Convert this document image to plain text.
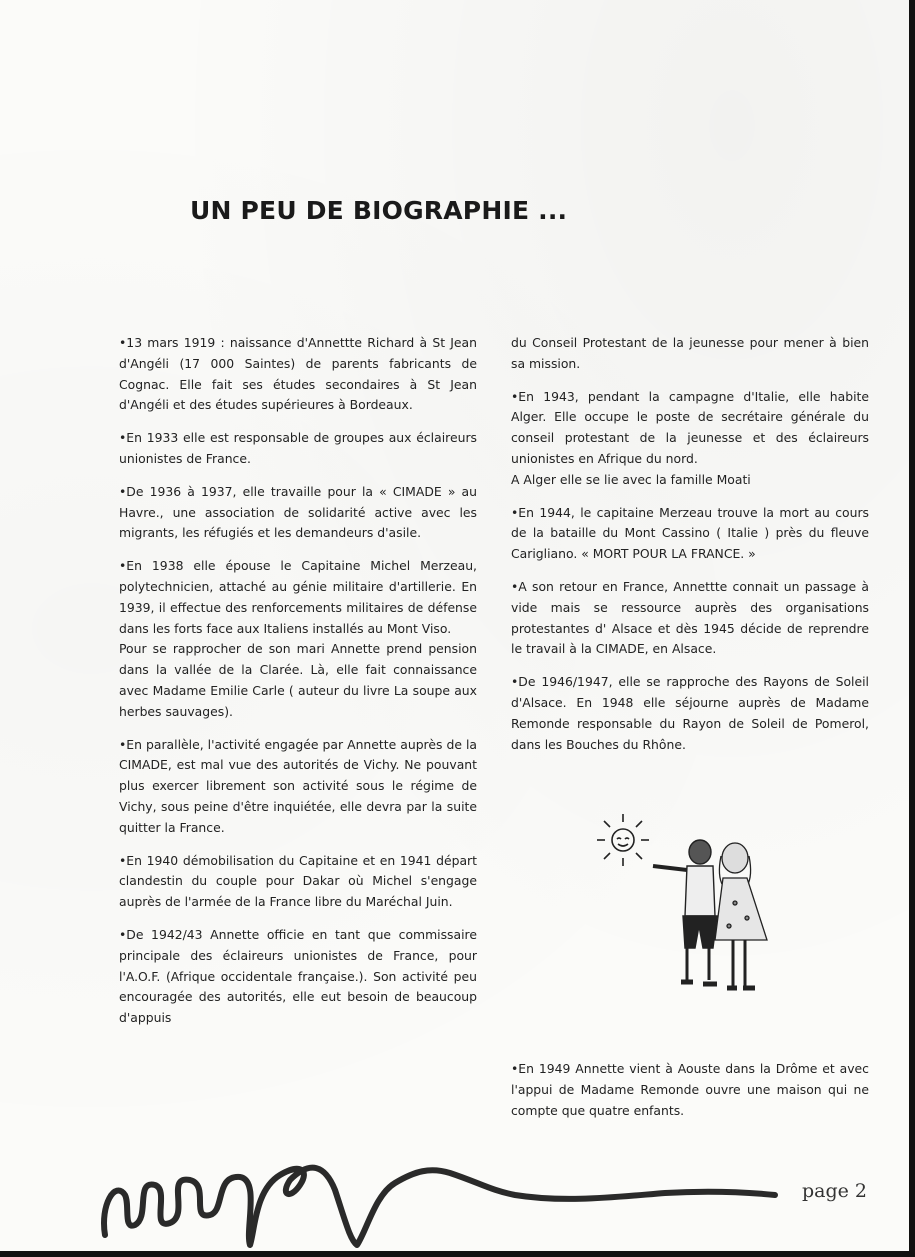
UN PEU DE BIOGRAPHIE ...

•13 mars 1919 : naissance d'Annettte Richard à St Jean d'Angéli (17 000 Saintes) de parents fabricants de Cognac. Elle fait ses études secondaires à St Jean d'Angéli et des études supérieures à Bordeaux.

•En 1933 elle est responsable de groupes aux éclaireurs unionistes de France.

•De 1936 à 1937, elle travaille pour la « CIMADE » au Havre., une association de solidarité active avec les migrants, les réfugiés et les demandeurs d'asile.

•En 1938 elle épouse le Capitaine Michel Merzeau, polytechnicien, attaché au génie militaire d'artillerie. En 1939, il effectue des renforcements militaires de défense dans les forts face aux Italiens installés au Mont Viso.
Pour se rapprocher de son mari Annette prend pension dans la vallée de la Clarée. Là, elle fait connaissance avec Madame Emilie Carle ( auteur du livre La soupe aux herbes sauvages).

•En parallèle, l'activité engagée par Annette auprès de la CIMADE, est mal vue des autorités de Vichy. Ne pouvant plus exercer librement son activité sous le régime de Vichy, sous peine d'être inquiétée, elle devra par la suite quitter la France.

•En 1940 démobilisation du Capitaine et en 1941 départ clandestin du couple pour Dakar où Michel s'engage auprès de l'armée de la France libre du Maréchal Juin.

•De 1942/43 Annette officie en tant que commissaire principale des éclaireurs unionistes de France, pour l'A.O.F. (Afrique occidentale française.). Son activité peu encouragée des autorités, elle eut besoin de beaucoup d'appuis

du Conseil Protestant de la jeunesse pour mener à bien sa mission.

•En 1943, pendant la campagne d'Italie, elle habite Alger. Elle occupe le poste de secrétaire générale du conseil protestant de la jeunesse et des éclaireurs unionistes en Afrique du nord.
A Alger elle se lie avec la famille Moati

•En 1944, le capitaine Merzeau trouve la mort au cours de la bataille du Mont Cassino ( Italie ) près du fleuve Carigliano. « MORT POUR LA FRANCE. »

•A son retour en France, Annettte connait un passage à vide mais se ressource auprès des organisations protestantes d' Alsace et dès 1945 décide de reprendre le travail à la CIMADE, en Alsace.

•De 1946/1947, elle se rapproche des Rayons de Soleil d'Alsace. En 1948 elle séjourne auprès de Madame Remonde responsable du Rayon de Soleil de Pomerol, dans les Bouches du Rhône.

•En 1949 Annette vient à Aouste dans la Drôme et avec l'appui de Madame Remonde ouvre une maison qui ne compte que quatre enfants.
page 2
